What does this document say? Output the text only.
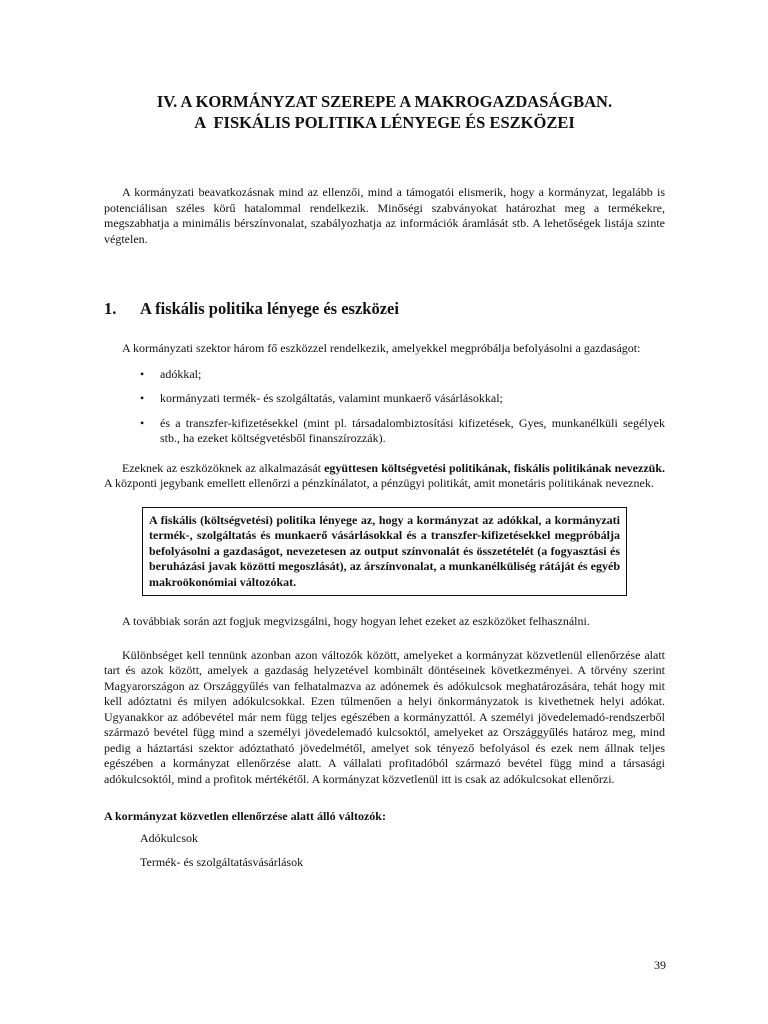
IV. A KORMÁNYZAT SZEREPE A MAKROGAZDASÁGBAN.
A  FISKÁLIS POLITIKA LÉNYEGE ÉS ESZKÖZEI

A kormányzati beavatkozásnak mind az ellenzői, mind a támogatói elismerik, hogy a kormányzat, legalább is potenciálisan széles körű hatalommal rendelkezik. Minőségi szabványokat határozhat meg a termékekre, megszabhatja a minimális bérszínvonalat, szabályozhatja az információk áramlását stb. A lehetőségek listája szinte végtelen.

1.	A fiskális politika lényege és eszközei

A kormányzati szektor három fő eszközzel rendelkezik, amelyekkel megpróbálja befolyásolni a gazdaságot:

• adókkal;
• kormányzati termék- és szolgáltatás, valamint munkaerő vásárlásokkal;
• és a transzfer-kifizetésekkel (mint pl. társadalombiztosítási kifizetések, Gyes, munkanélküli segélyek stb., ha ezeket költségvetésből finanszírozzák).

Ezeknek az eszközöknek az alkalmazását együttesen költségvetési politikának, fiskális politikának nevezzük. A központi jegybank emellett ellenőrzi a pénzkínálatot, a pénzügyi politikát, amit monetáris politikának neveznek.

A fiskális (költségvetési) politika lényege az, hogy a kormányzat az adókkal, a kormányzati termék-, szolgáltatás és munkaerő vásárlásokkal és a transzfer-kifizetésekkel megpróbálja befolyásolni a gazdaságot, nevezetesen az output színvonalát és összetételét (a fogyasztási és beruházási javak közötti megoszlását), az árszínvonalat, a munkanélküliség rátáját és egyéb makroökonómiai változókat.

A továbbiak során azt fogjuk megvizsgálni, hogy hogyan lehet ezeket az eszközöket felhasználni.

Különbséget kell tennünk azonban azon változók között, amelyeket a kormányzat közvetlenül ellenőrzése alatt tart és azok között, amelyek a gazdaság helyzetével kombinált döntéseinek következményei. A törvény szerint Magyarországon az Országgyűlés van felhatalmazva az adónemek és adókulcsok meghatározására, tehát hogy mit kell adóztatni és milyen adókulcsokkal. Ezen túlmenően a helyi önkormányzatok is kivethetnek helyi adókat. Ugyanakkor az adóbevétel már nem függ teljes egészében a kormányzattól. A személyi jövedelemadó-rendszerből származó bevétel függ mind a személyi jövedelemadó kulcsoktól, amelyeket az Országgyűlés határoz meg, mind pedig a háztartási szektor adóztatható jövedelmétől, amelyet sok tényező befolyásol és ezek nem állnak teljes egészében a kormányzat ellenőrzése alatt. A vállalati profitadóból származó bevétel függ mind a társasági adókulcsoktól, mind a profitok mértékétől. A kormányzat közvetlenül itt is csak az adókulcsokat ellenőrzi.

A kormányzat közvetlen ellenőrzése alatt álló változók:

Adókulcsok
Termék- és szolgáltatásvásárlások
39
